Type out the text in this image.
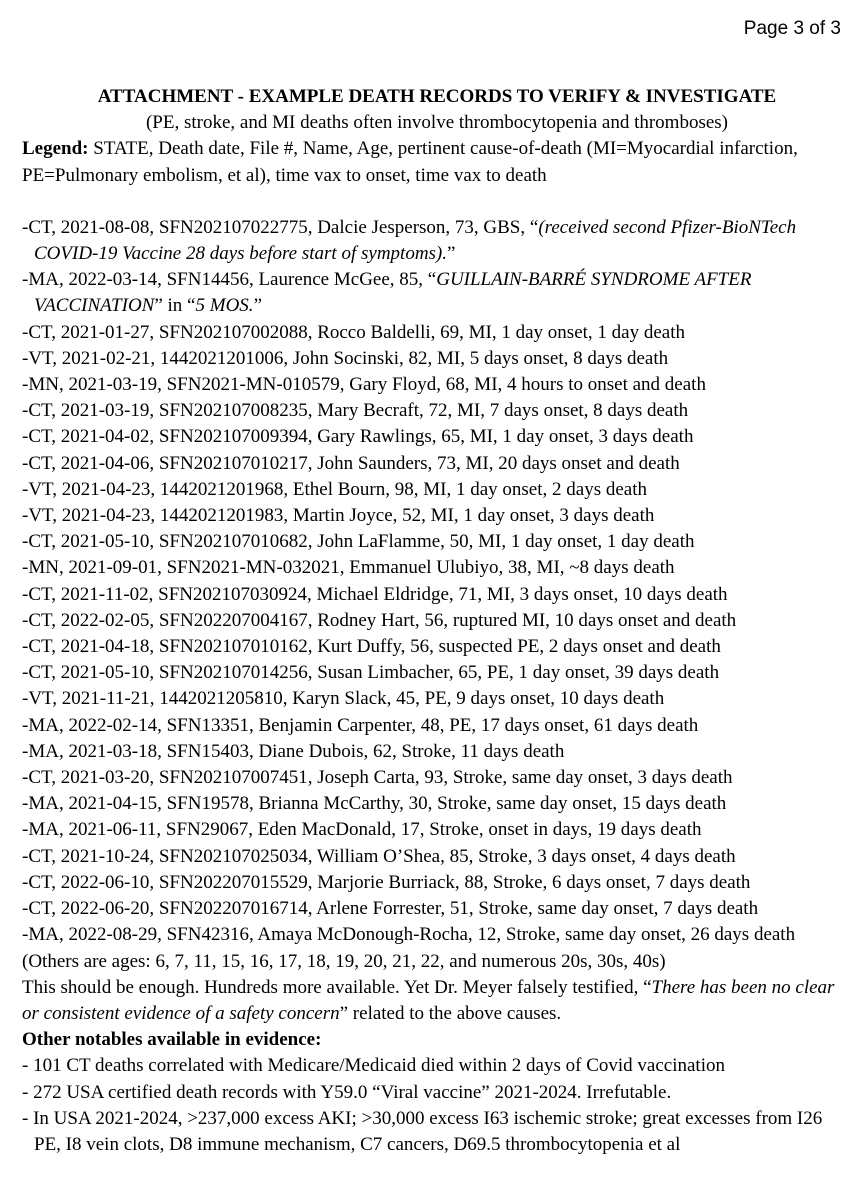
Page 3 of 3

ATTACHMENT - EXAMPLE DEATH RECORDS TO VERIFY & INVESTIGATE

(PE, stroke, and MI deaths often involve thrombocytopenia and thromboses)

Legend: STATE, Death date, File #, Name, Age, pertinent cause-of-death (MI=Myocardial infarction, PE=Pulmonary embolism, et al), time vax to onset, time vax to death

-CT, 2021-08-08, SFN202107022775, Dalcie Jesperson, 73, GBS, “(received second Pfizer-BioNTech COVID-19 Vaccine 28 days before start of symptoms).”

-MA, 2022-03-14, SFN14456, Laurence McGee, 85, “GUILLAIN-BARRÉ SYNDROME AFTER VACCINATION” in “5 MOS.”

-CT, 2021-01-27, SFN202107002088, Rocco Baldelli, 69, MI, 1 day onset, 1 day death

-VT, 2021-02-21, 1442021201006, John Socinski, 82, MI, 5 days onset, 8 days death

-MN, 2021-03-19, SFN2021-MN-010579, Gary Floyd, 68, MI, 4 hours to onset and death

-CT, 2021-03-19, SFN202107008235, Mary Becraft, 72, MI, 7 days onset, 8 days death

-CT, 2021-04-02, SFN202107009394, Gary Rawlings, 65, MI, 1 day onset, 3 days death

-CT, 2021-04-06, SFN202107010217, John Saunders, 73, MI, 20 days onset and death

-VT, 2021-04-23, 1442021201968, Ethel Bourn, 98, MI, 1 day onset, 2 days death

-VT, 2021-04-23, 1442021201983, Martin Joyce, 52, MI, 1 day onset, 3 days death

-CT, 2021-05-10, SFN202107010682, John LaFlamme, 50, MI, 1 day onset, 1 day death

-MN, 2021-09-01, SFN2021-MN-032021, Emmanuel Ulubiyo, 38, MI, ~8 days death

-CT, 2021-11-02, SFN202107030924, Michael Eldridge, 71, MI, 3 days onset, 10 days death

-CT, 2022-02-05, SFN202207004167, Rodney Hart, 56, ruptured MI, 10 days onset and death

-CT, 2021-04-18, SFN202107010162, Kurt Duffy, 56, suspected PE, 2 days onset and death

-CT, 2021-05-10, SFN202107014256, Susan Limbacher, 65, PE, 1 day onset, 39 days death

-VT, 2021-11-21, 1442021205810, Karyn Slack, 45, PE, 9 days onset, 10 days death

-MA, 2022-02-14, SFN13351, Benjamin Carpenter, 48, PE, 17 days onset, 61 days death

-MA, 2021-03-18, SFN15403, Diane Dubois, 62, Stroke, 11 days death

-CT, 2021-03-20, SFN202107007451, Joseph Carta, 93, Stroke, same day onset, 3 days death

-MA, 2021-04-15, SFN19578, Brianna McCarthy, 30, Stroke, same day onset, 15 days death

-MA, 2021-06-11, SFN29067, Eden MacDonald, 17, Stroke, onset in days, 19 days death

-CT, 2021-10-24, SFN202107025034, William O’Shea, 85, Stroke, 3 days onset, 4 days death

-CT, 2022-06-10, SFN202207015529, Marjorie Burriack, 88, Stroke, 6 days onset, 7 days death

-CT, 2022-06-20, SFN202207016714, Arlene Forrester, 51, Stroke, same day onset, 7 days death

-MA, 2022-08-29, SFN42316, Amaya McDonough-Rocha, 12, Stroke, same day onset, 26 days death

(Others are ages: 6, 7, 11, 15, 16, 17, 18, 19, 20, 21, 22, and numerous 20s, 30s, 40s)

This should be enough. Hundreds more available. Yet Dr. Meyer falsely testified, “There has been no clear or consistent evidence of a safety concern” related to the above causes.

Other notables available in evidence:

- 101 CT deaths correlated with Medicare/Medicaid died within 2 days of Covid vaccination

- 272 USA certified death records with Y59.0 “Viral vaccine” 2021-2024. Irrefutable.

- In USA 2021-2024, >237,000 excess AKI; >30,000 excess I63 ischemic stroke; great excesses from I26 PE, I8 vein clots, D8 immune mechanism, C7 cancers, D69.5 thrombocytopenia et al
